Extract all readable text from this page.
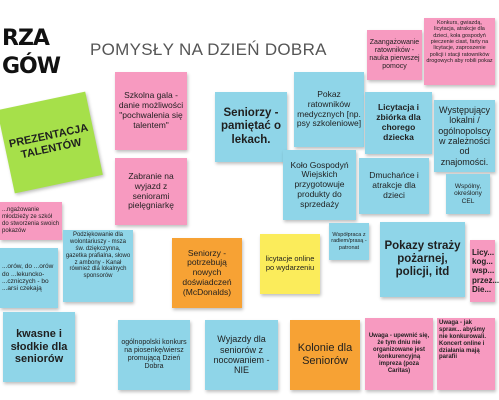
RZA
GÓW
POMYSŁY NA DZIEŃ DOBRA	Zaangażowanie ratowników - nauka pierwszej pomocy
Konkurs, gwiazdą, licytacja, atrakcje dla dzieci, koła gospodyń pieczenie ciast, farty na licytacje, zaproszenie policji i stacji ratowników drogowych aby robili pokaz
Szkolna gala - danie możliwości "pochwalenia się talentem"
Seniorzy - pamiętać o lekach.
Pokaz ratowników medycznych [np. psy szkoleniowe]
Licytacja i zbiórka dla chorego dziecka
Występujący lokalni / ogólnopolscy w zależności od znajomości.
PREZENTACJA TALENTÓW
Zabranie na wyjazd z seniorami pielęgniarkę
Koło Gospodyń Wiejskich przygotowuje produkty do sprzedaży
Dmuchańce i atrakcje dla dzieci
Wspólny, określony CEL
...ngażowanie młodzieży ze szkół do stworzenia swoich pokazów
Licy... kog... wsp... przez... Die...
Współpraca z radiem/prasą - patronat	Pokazy straży pożarnej, policji, itd
Podziękowanie dla wolontariuszy - msza św. dziękczynna, gazetka prafialna, słowo z ambony - Kanał również dla lokalnych sponsorów
Seniorzy - potrzebują nowych doświadczeń (McDonalds)
licytacje online po wydarzeniu
...orów, do ...orów do ...lekuncko- ...czniczych - bo ...arsi czekają
kwasne i słodkie dla seniorów
ogólnopolski konkurs na piosenkę/wiersz promującą Dzień Dobra
Wyjazdy dla seniorów z nocowaniem - NIE
Kolonie dla Seniorów
Uwaga - upewnić się, że tym dniu nie organizowane jest konkurencyjną impreza (poza Caritas)
Uwaga - jak spraw... abyśmy nie konkurowali. Koncert online i działania mają parafii
